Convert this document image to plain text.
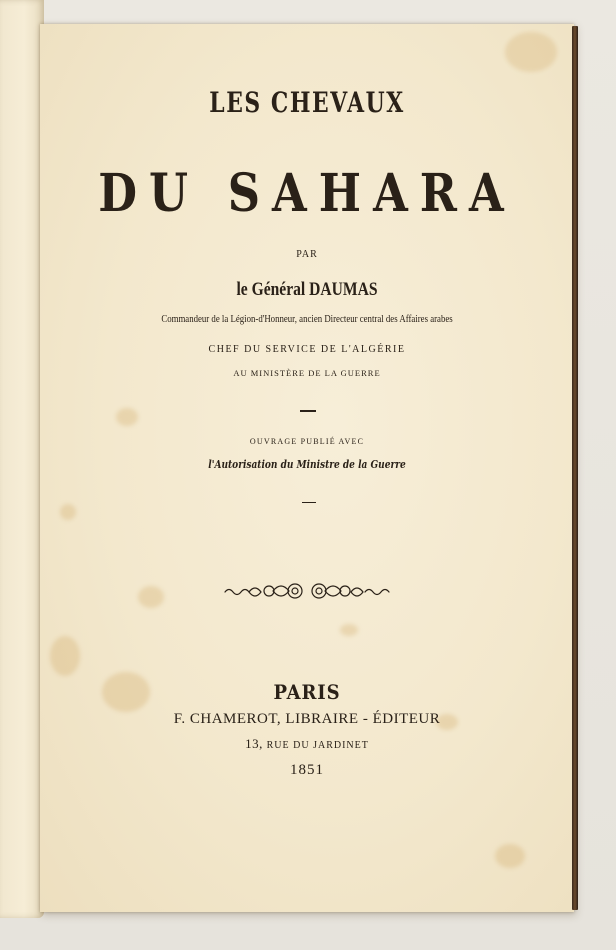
LES CHEVAUX
DU SAHARA
PAR
le Général DAUMAS
Commandeur de la Légion-d'Honneur, ancien Directeur central des Affaires arabes
CHEF DU SERVICE DE L'ALGÉRIE
AU MINISTÈRE DE LA GUERRE
OUVRAGE PUBLIÉ AVEC
l'Autorisation du Ministre de la Guerre
PARIS
F. CHAMEROT, LIBRAIRE - ÉDITEUR
13, RUE DU JARDINET
1851
